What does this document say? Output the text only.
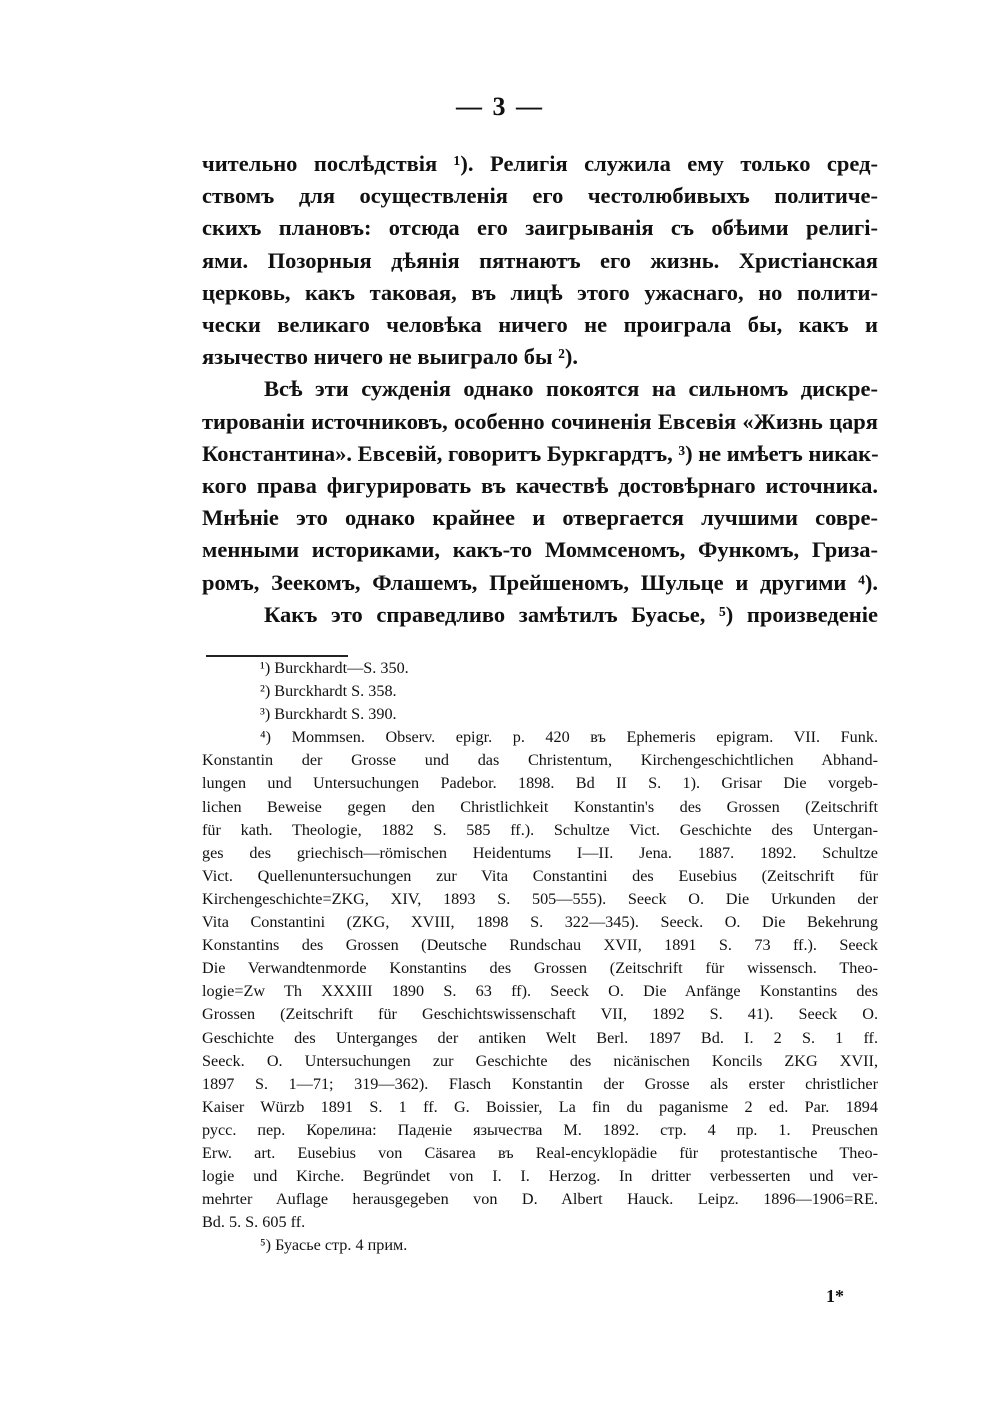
— 3 —
чительно послѣдствія ¹). Религія служила ему только сред-
ствомъ для осуществленія его честолюбивыхъ политиче-
скихъ плановъ: отсюда его заигрыванія съ обѣими религі-
ями. Позорныя дѣянія пятнаютъ его жизнь. Христіанская
церковь, какъ таковая, въ лицѣ этого ужаснаго, но полити-
чески великаго человѣка ничего не проиграла бы, какъ и
язычество ничего не выиграло бы ²).
Всѣ эти сужденія однако покоятся на сильномъ дискре-
тированіи источниковъ, особенно сочиненія Евсевія «Жизнь царя
Константина». Евсевій, говоритъ Буркгардтъ, ³) не имѣетъ никак-
кого права фигурировать въ качествѣ достовѣрнаго источника.
Мнѣніе это однако крайнее и отвергается лучшими совре-
менными историками, какъ-то Моммсеномъ, Функомъ, Гриза-
ромъ, Зеекомъ, Флашемъ, Прейшеномъ, Шульце и другими ⁴).
Какъ это справедливо замѣтилъ Буасье, ⁵) произведеніе
¹) Burckhardt—S. 350.
²) Burckhardt S. 358.
³) Burckhardt S. 390.
⁴) Mommsen. Observ. epigr. p. 420 въ Ephemeris epigram. VII. Funk.
Konstantin der Grosse und das Christentum, Kirchengeschichtlichen Abhand-
lungen und Untersuchungen Padebor. 1898. Bd II S. 1). Grisar Die vorgeb-
lichen Beweise gegen den Christlichkeit Konstantin's des Grossen (Zeitschrift
für kath. Theologie, 1882 S. 585 ff.). Schultze Vict. Geschichte des Untergan-
ges des griechisch—römischen Heidentums I—II. Jena. 1887. 1892. Schultze
Vict. Quellenuntersuchungen zur Vita Constantini des Eusebius (Zeitschrift für
Kirchengeschichte=ZKG, XIV, 1893 S. 505—555). Seeck O. Die Urkunden der
Vita Constantini (ZKG, XVIII, 1898 S. 322—345). Seeck. O. Die Bekehrung
Konstantins des Grossen (Deutsche Rundschau XVII, 1891 S. 73 ff.). Seeck
Die Verwandtenmorde Konstantins des Grossen (Zeitschrift für wissensch. Theo-
logie=Zw Th XXXIII 1890 S. 63 ff). Seeck O. Die Anfänge Konstantins des
Grossen (Zeitschrift für Geschichtswissenschaft VII, 1892 S. 41). Seeck O.
Geschichte des Unterganges der antiken Welt Berl. 1897 Bd. I. 2 S. 1 ff.
Seeck. O. Untersuchungen zur Geschichte des nicänischen Koncils ZKG XVII,
1897 S. 1—71; 319—362). Flasch Konstantin der Grosse als erster christlicher
Kaiser Würzb 1891 S. 1 ff. G. Boissier, La fin du paganisme 2 ed. Par. 1894
русс. пер. Корелина: Паденіе язычества М. 1892. стр. 4 пр. 1. Preuschen
Erw. art. Eusebius von Cäsarea въ Real-encyklopädie für protestantische Theo-
logie und Kirche. Begründet von I. I. Herzog. In dritter verbesserten und ver-
mehrter Auflage herausgegeben von D. Albert Hauck. Leipz. 1896—1906=RE.
Bd. 5. S. 605 ff.
⁵) Буасье стр. 4 прим.
1*
